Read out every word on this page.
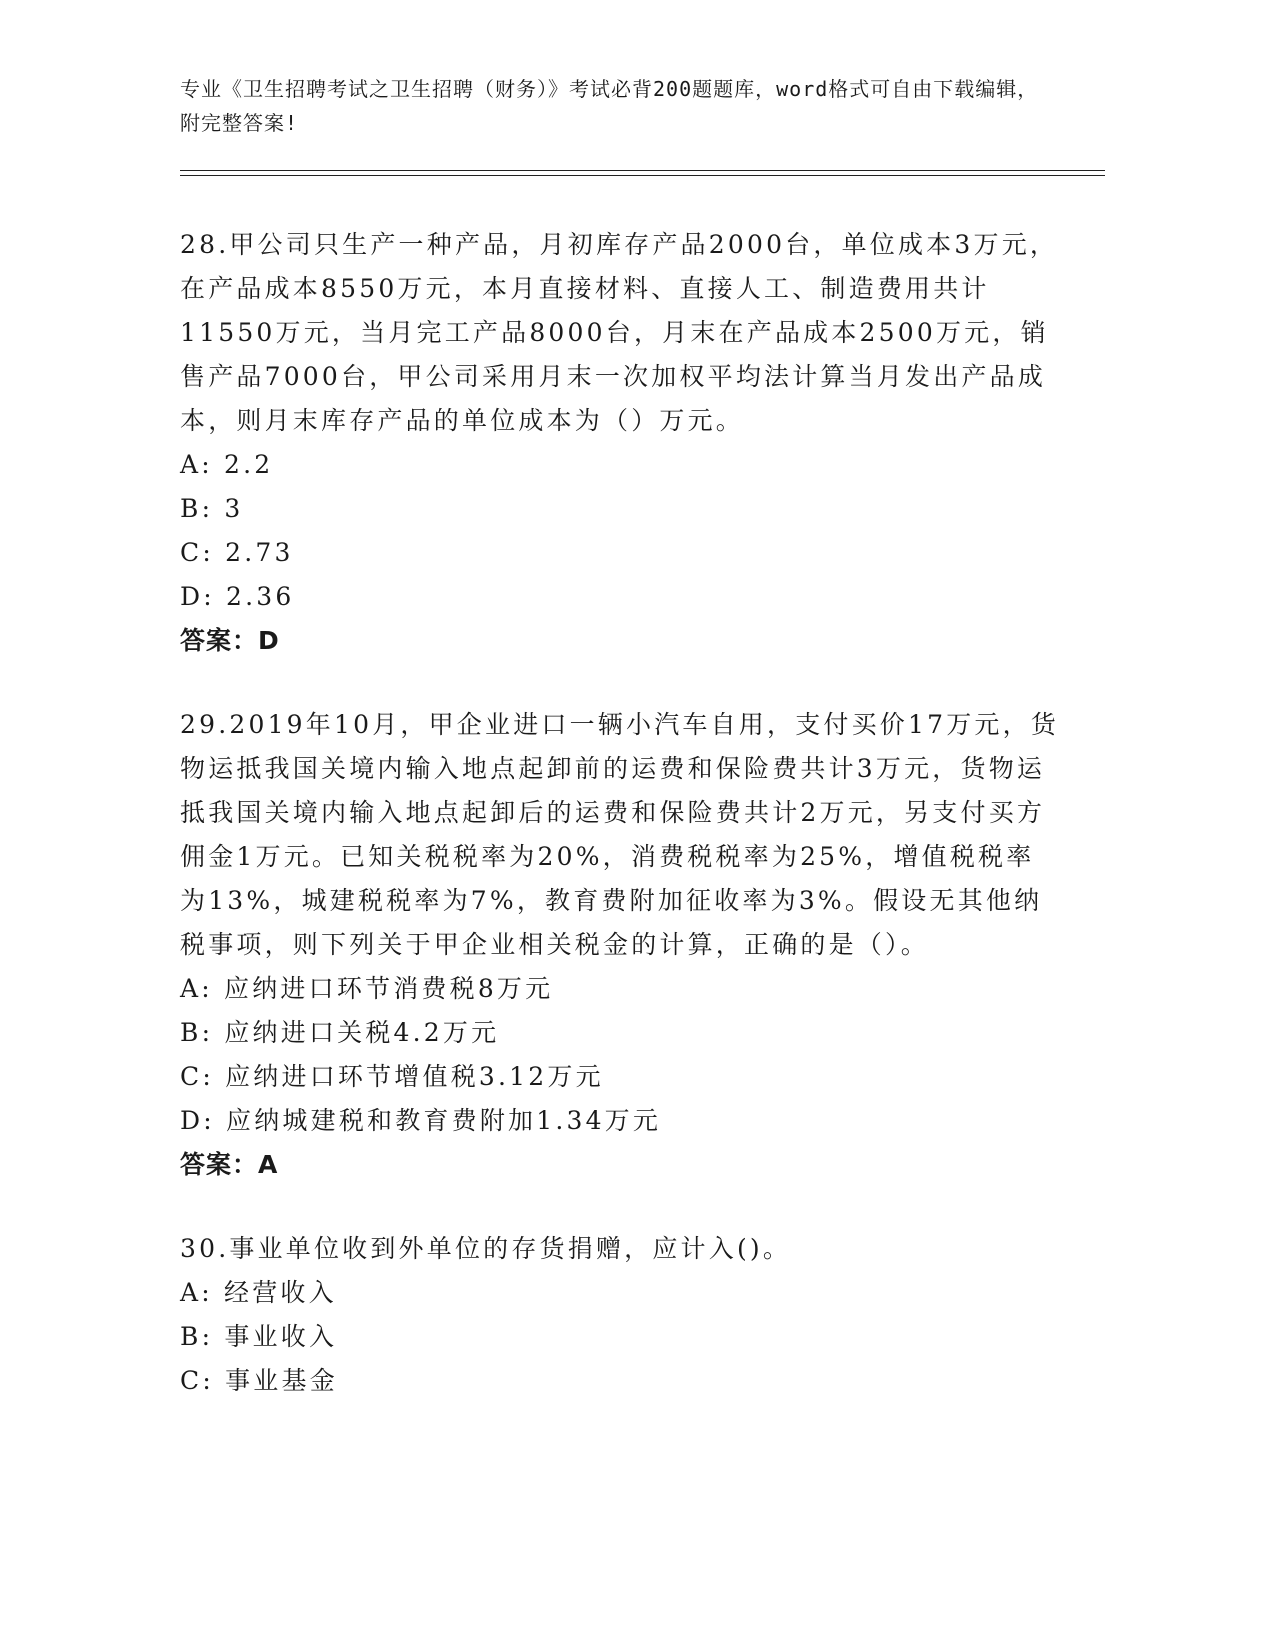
专业《卫生招聘考试之卫生招聘（财务）》考试必背200题题库，word格式可自由下载编辑，附完整答案!
28.甲公司只生产一种产品，月初库存产品2000台，单位成本3万元，在产品成本8550万元，本月直接材料、直接人工、制造费用共计11550万元，当月完工产品8000台，月末在产品成本2500万元，销售产品7000台，甲公司采用月末一次加权平均法计算当月发出产品成本，则月末库存产品的单位成本为（）万元。
A: 2.2
B: 3
C: 2.73
D: 2.36
答案：D
29.2019年10月，甲企业进口一辆小汽车自用，支付买价17万元，货物运抵我国关境内输入地点起卸前的运费和保险费共计3万元，货物运抵我国关境内输入地点起卸后的运费和保险费共计2万元，另支付买方佣金1万元。已知关税税率为20%，消费税税率为25%，增值税税率为13%，城建税税率为7%，教育费附加征收率为3%。假设无其他纳税事项，则下列关于甲企业相关税金的计算，正确的是（）。
A: 应纳进口环节消费税8万元
B: 应纳进口关税4.2万元
C: 应纳进口环节增值税3.12万元
D: 应纳城建税和教育费附加1.34万元
答案：A
30.事业单位收到外单位的存货捐赠，应计入()。
A: 经营收入
B: 事业收入
C: 事业基金
